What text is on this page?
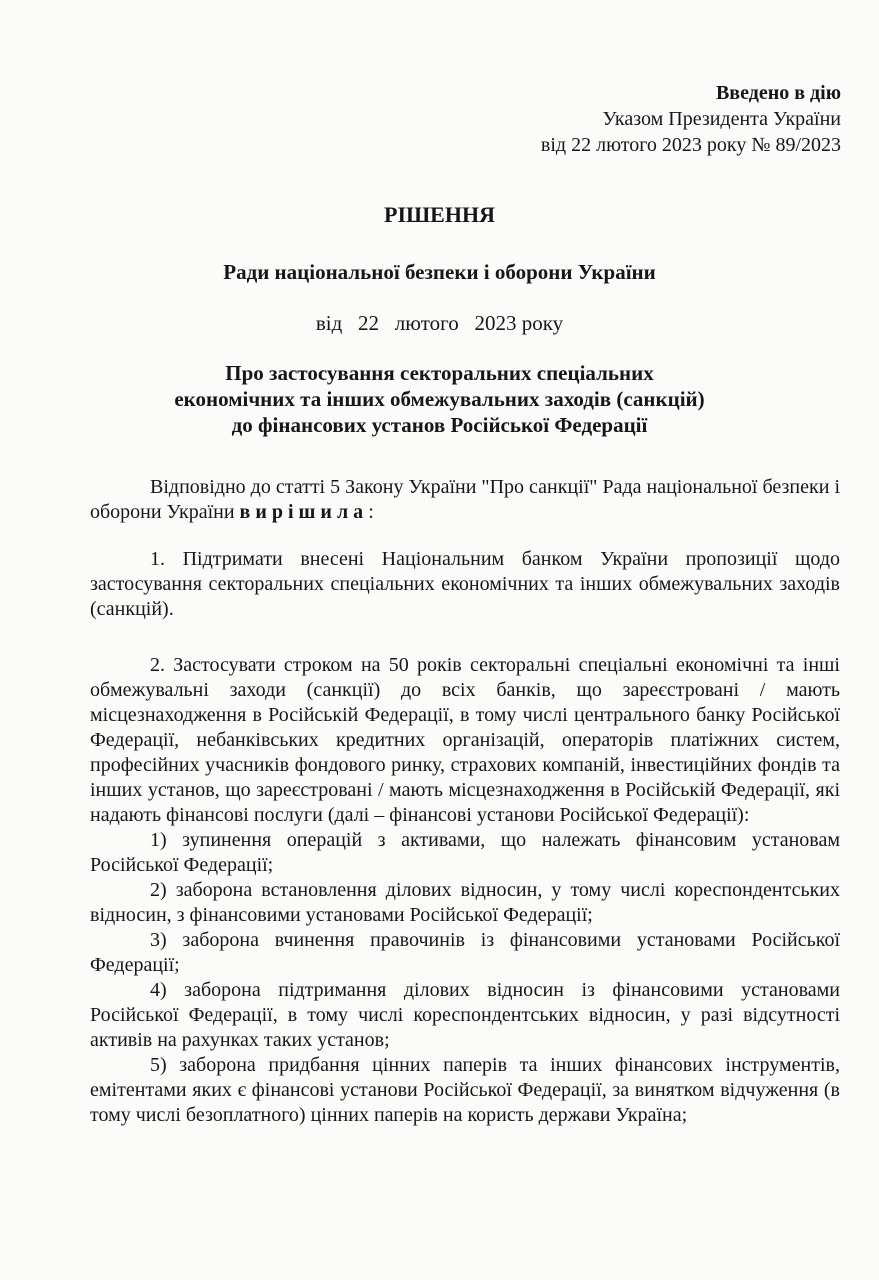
Введено в дію
Указом Президента України
від 22 лютого 2023 року № 89/2023
РІШЕННЯ
Ради національної безпеки і оборони України
від   22   лютого   2023 року
Про застосування секторальних спеціальних
економічних та інших обмежувальних заходів (санкцій)
до фінансових установ Російської Федерації

Відповідно до статті 5 Закону України "Про санкції" Рада національної безпеки і оборони України вирішила:

1. Підтримати внесені Національним банком України пропозиції щодо застосування секторальних спеціальних економічних та інших обмежувальних заходів (санкцій).

2. Застосувати строком на 50 років секторальні спеціальні економічні та інші обмежувальні заходи (санкції) до всіх банків, що зареєстровані / мають місцезнаходження в Російській Федерації, в тому числі центрального банку Російської Федерації, небанківських кредитних організацій, операторів платіжних систем, професійних учасників фондового ринку, страхових компаній, інвестиційних фондів та інших установ, що зареєстровані / мають місцезнаходження в Російській Федерації, які надають фінансові послуги (далі – фінансові установи Російської Федерації):

1) зупинення операцій з активами, що належать фінансовим установам Російської Федерації;

2) заборона встановлення ділових відносин, у тому числі кореспондентських відносин, з фінансовими установами Російської Федерації;

3) заборона вчинення правочинів із фінансовими установами Російської Федерації;

4) заборона підтримання ділових відносин із фінансовими установами Російської Федерації, в тому числі кореспондентських відносин, у разі відсутності активів на рахунках таких установ;

5) заборона придбання цінних паперів та інших фінансових інструментів, емітентами яких є фінансові установи Російської Федерації, за винятком відчуження (в тому числі безоплатного) цінних паперів на користь держави Україна;
